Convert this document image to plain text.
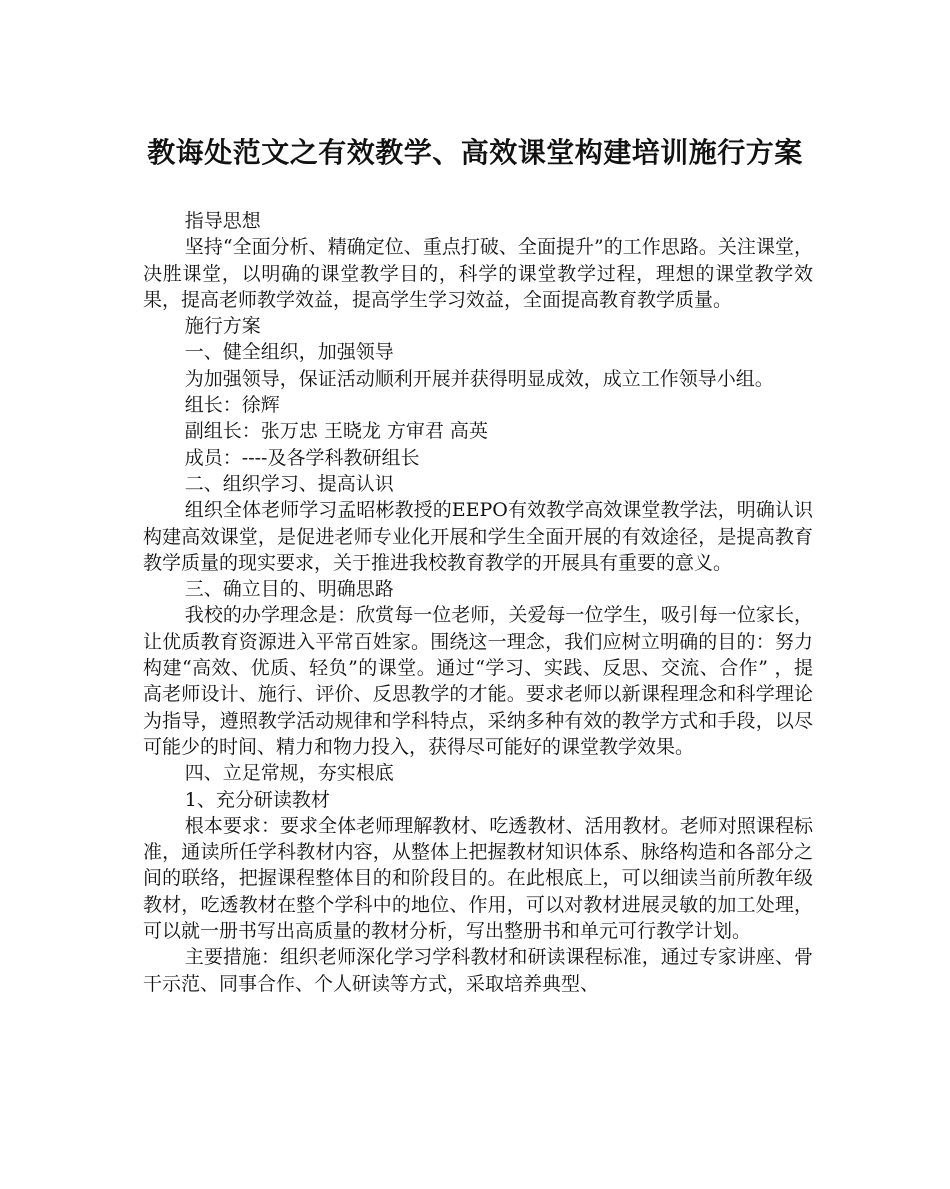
教诲处范文之有效教学、高效课堂构建培训施行方案

指导思想

坚持“全面分析、精确定位、重点打破、全面提升”的工作思路。关注课堂，决胜课堂，以明确的课堂教学目的，科学的课堂教学过程，理想的课堂教学效果，提高老师教学效益，提高学生学习效益，全面提高教育教学质量。

施行方案

一、健全组织，加强领导

为加强领导，保证活动顺利开展并获得明显成效，成立工作领导小组。

组长：徐辉

副组长：张万忠 王晓龙 方审君 高英

成员：----及各学科教研组长

二、组织学习、提高认识

组织全体老师学习孟昭彬教授的EEPO有效教学高效课堂教学法，明确认识构建高效课堂，是促进老师专业化开展和学生全面开展的有效途径，是提高教育教学质量的现实要求，关于推进我校教育教学的开展具有重要的意义。

三、确立目的、明确思路

我校的办学理念是：欣赏每一位老师，关爱每一位学生，吸引每一位家长，让优质教育资源进入平常百姓家。围绕这一理念，我们应树立明确的目的：努力构建“高效、优质、轻负”的课堂。通过“学习、实践、反思、交流、合作” ，提高老师设计、施行、评价、反思教学的才能。要求老师以新课程理念和科学理论为指导，遵照教学活动规律和学科特点，采纳多种有效的教学方式和手段，以尽可能少的时间、精力和物力投入，获得尽可能好的课堂教学效果。

四、立足常规，夯实根底

1、充分研读教材

根本要求：要求全体老师理解教材、吃透教材、活用教材。老师对照课程标准，通读所任学科教材内容，从整体上把握教材知识体系、脉络构造和各部分之间的联络，把握课程整体目的和阶段目的。在此根底上，可以细读当前所教年级教材，吃透教材在整个学科中的地位、作用，可以对教材进展灵敏的加工处理，可以就一册书写出高质量的教材分析，写出整册书和单元可行教学计划。

主要措施：组织老师深化学习学科教材和研读课程标准，通过专家讲座、骨干示范、同事合作、个人研读等方式，采取培养典型、
